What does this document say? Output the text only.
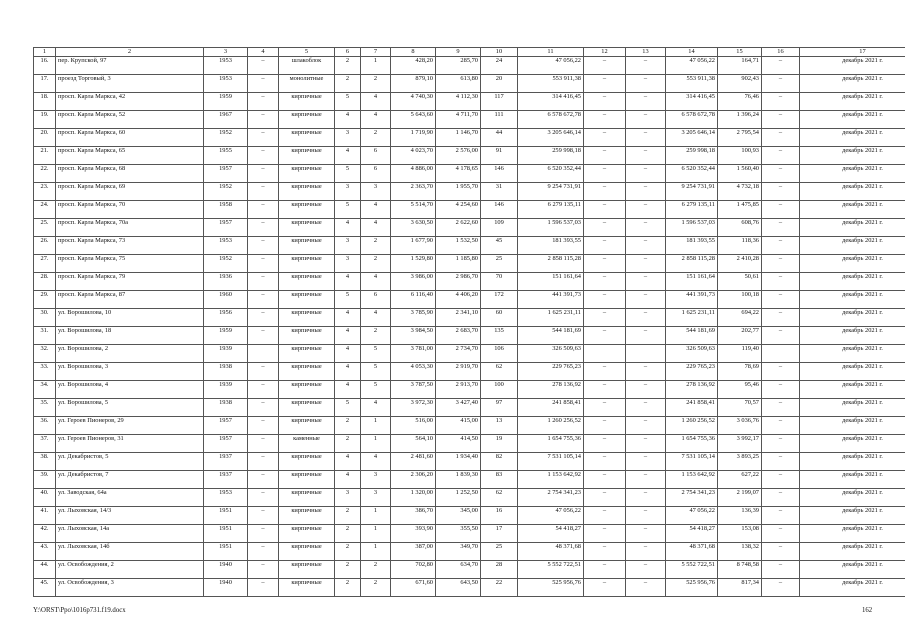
1	2	3	4	5	6	7	8	9	10	11	12	13	14	15	16	17
16.	пер. Крупской, 97	1953	–	шлакоблок	2	1	428,20	285,70	24	47 056,22	–	–	47 056,22	164,71	–	декабрь 2021 г.
17.	проезд Торговый, 3	1953	–	монолитные	2	2	879,10	613,80	20	553 911,38	–	–	553 911,38	902,43	–	декабрь 2021 г.
18.	просп. Карла Маркса, 42	1959	–	кирпичные	5	4	4 740,30	4 112,30	117	314 416,45	–	–	314 416,45	76,46	–	декабрь 2021 г.
19.	просп. Карла Маркса, 52	1967	–	кирпичные	4	4	5 643,60	4 711,70	111	6 578 672,78	–	–	6 578 672,78	1 396,24	–	декабрь 2021 г.
20.	просп. Карла Маркса, 60	1952	–	кирпичные	3	2	1 719,90	1 146,70	44	3 205 646,14	–	–	3 205 646,14	2 795,54	–	декабрь 2021 г.
21.	просп. Карла Маркса, 65	1955	–	кирпичные	4	6	4 023,70	2 576,00	91	259 998,18	–	–	259 998,18	100,93	–	декабрь 2021 г.
22.	просп. Карла Маркса, 68	1957	–	кирпичные	5	6	4 886,00	4 178,65	146	6 520 352,44	–	–	6 520 352,44	1 560,40	–	декабрь 2021 г.
23.	просп. Карла Маркса, 69	1952	–	кирпичные	3	3	2 363,70	1 955,70	31	9 254 731,91	–	–	9 254 731,91	4 732,18	–	декабрь 2021 г.
24.	просп. Карла Маркса, 70	1958	–	кирпичные	5	4	5 514,70	4 254,60	146	6 279 135,11	–	–	6 279 135,11	1 475,85	–	декабрь 2021 г.
25.	просп. Карла Маркса, 70а	1957	–	кирпичные	4	4	3 630,50	2 622,60	109	1 596 537,03	–	–	1 596 537,03	608,76	–	декабрь 2021 г.
26.	просп. Карла Маркса, 73	1953	–	кирпичные	3	2	1 677,90	1 532,50	45	181 393,55	–	–	181 393,55	118,36	–	декабрь 2021 г.
27.	просп. Карла Маркса, 75	1952	–	кирпичные	3	2	1 529,80	1 185,80	25	2 858 115,28	–	–	2 858 115,28	2 410,28	–	декабрь 2021 г.
28.	просп. Карла Маркса, 79	1936	–	кирпичные	4	4	3 986,00	2 986,70	70	151 161,64	–	–	151 161,64	50,61	–	декабрь 2021 г.
29.	просп. Карла Маркса, 87	1960	–	кирпичные	5	6	6 116,40	4 406,20	172	441 391,73	–	–	441 391,73	100,18	–	декабрь 2021 г.
30.	ул. Ворошилова, 10	1956	–	кирпичные	4	4	3 785,90	2 341,10	60	1 625 231,11	–	–	1 625 231,11	694,22	–	декабрь 2021 г.
31.	ул. Ворошилова, 18	1959	–	кирпичные	4	2	3 984,50	2 683,70	135	544 181,69	–	–	544 181,69	202,77	–	декабрь 2021 г.
32.	ул. Ворошилова, 2	1939		кирпичные	4	5	3 781,00	2 734,70	106	326 509,63			326 509,63	119,40		декабрь 2021 г.
33.	ул. Ворошилова, 3	1938	–	кирпичные	4	5	4 053,30	2 919,70	62	229 765,23	–	–	229 765,23	78,69	–	декабрь 2021 г.
34.	ул. Ворошилова, 4	1939	–	кирпичные	4	5	3 787,50	2 913,70	100	278 136,92	–	–	278 136,92	95,46	–	декабрь 2021 г.
35.	ул. Ворошилова, 5	1938	–	кирпичные	5	4	3 972,30	3 427,40	97	241 858,41	–	–	241 858,41	70,57	–	декабрь 2021 г.
36.	ул. Героев Пионеров, 29	1957	–	кирпичные	2	1	516,00	415,00	13	1 260 256,52	–	–	1 260 256,52	3 036,76	–	декабрь 2021 г.
37.	ул. Героев Пионеров, 31	1957	–	каменные	2	1	564,10	414,50	19	1 654 755,36	–	–	1 654 755,36	3 992,17	–	декабрь 2021 г.
38.	ул. Декабристов, 5	1937	–	кирпичные	4	4	2 481,60	1 934,40	82	7 531 105,14	–	–	7 531 105,14	3 893,25	–	декабрь 2021 г.
39.	ул. Декабристов, 7	1937	–	кирпичные	4	3	2 306,20	1 839,30	83	1 153 642,92	–	–	1 153 642,92	627,22	–	декабрь 2021 г.
40.	ул. Заводская, 64а	1953	–	кирпичные	3	3	1 320,00	1 252,50	62	2 754 341,23	–	–	2 754 341,23	2 199,07	–	декабрь 2021 г.
41.	ул. Лыховская, 14/3	1951	–	кирпичные	2	1	386,70	345,00	16	47 056,22	–	–	47 056,22	136,39	–	декабрь 2021 г.
42.	ул. Лыховская, 14а	1951	–	кирпичные	2	1	393,90	355,50	17	54 418,27	–	–	54 418,27	153,08	–	декабрь 2021 г.
43.	ул. Лыховская, 14б	1951	–	кирпичные	2	1	387,00	349,70	25	48 371,68	–	–	48 371,68	138,32	–	декабрь 2021 г.
44.	ул. Освобождения, 2	1940	–	кирпичные	2	2	702,80	634,70	28	5 552 722,51	–	–	5 552 722,51	8 748,58	–	декабрь 2021 г.
45.	ул. Освобождения, 3	1940	–	кирпичные	2	2	671,60	643,50	22	525 956,76	–	–	525 956,76	817,34	–	декабрь 2021 г.
Y:\ORST\Ppo\1016p731.f19.docx	162
